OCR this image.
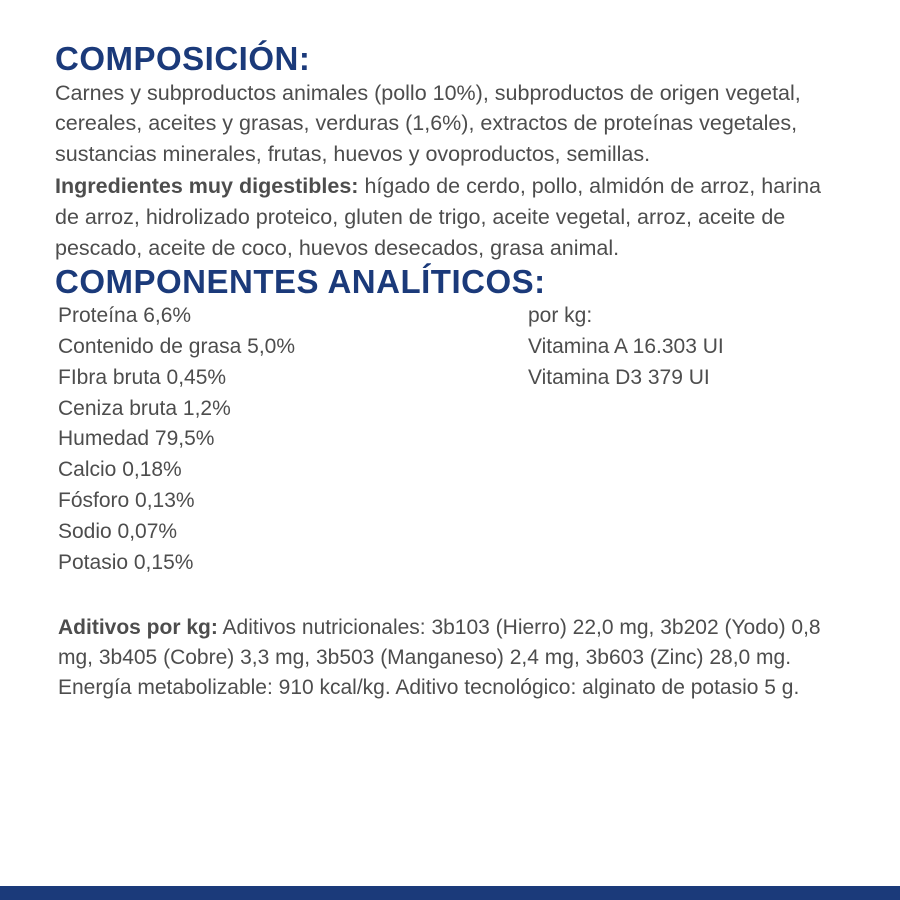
COMPOSICIÓN:

Carnes y subproductos animales (pollo 10%), subproductos de origen vegetal, cereales, aceites y grasas, verduras (1,6%), extractos de proteínas vegetales, sustancias minerales, frutas, huevos y ovoproductos, semillas.

Ingredientes muy digestibles: hígado de cerdo, pollo, almidón de arroz, harina de arroz, hidrolizado proteico, gluten de trigo, aceite vegetal, arroz, aceite de pescado, aceite de coco, huevos desecados, grasa animal.

COMPONENTES ANALÍTICOS:
Proteína 6,6%
Contenido de grasa 5,0%
FIbra bruta 0,45%
Ceniza bruta 1,2%
Humedad 79,5%
Calcio 0,18%
Fósforo 0,13%
Sodio 0,07%
Potasio 0,15%
por kg:
Vitamina A 16.303 UI
Vitamina D3 379 UI
Aditivos por kg: Aditivos nutricionales: 3b103 (Hierro) 22,0 mg, 3b202 (Yodo) 0,8 mg, 3b405 (Cobre) 3,3 mg, 3b503 (Manganeso) 2,4 mg, 3b603 (Zinc) 28,0 mg. Energía metabolizable: 910 kcal/kg. Aditivo tecnológico: alginato de potasio 5 g.
